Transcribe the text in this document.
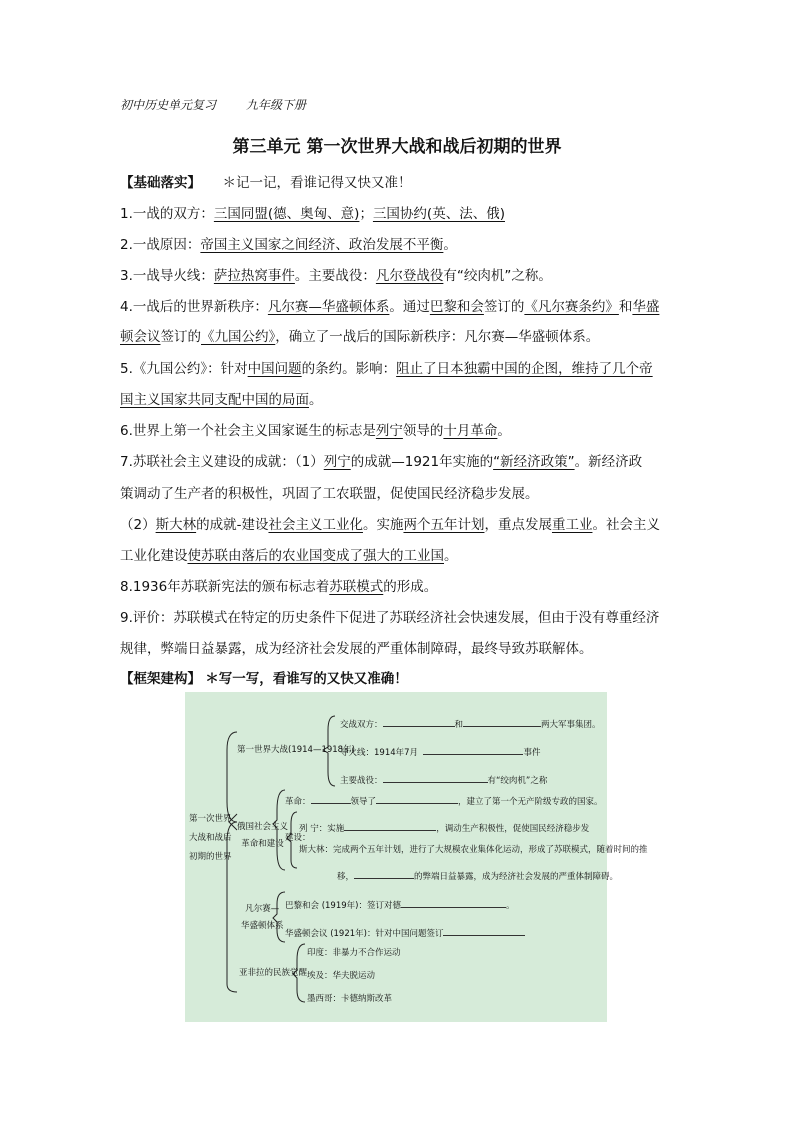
初中历史单元复习 九年级下册
第三单元 第一次世界大战和战后初期的世界
【基础落实】 ＊记一记，看谁记得又快又准！
1.一战的双方：三国同盟(德、奥匈、意)；三国协约(英、法、俄)
2.一战原因：帝国主义国家之间经济、政治发展不平衡。
3.一战导火线：萨拉热窝事件。主要战役：凡尔登战役有“绞肉机”之称。
4.一战后的世界新秩序：凡尔赛—华盛顿体系。通过巴黎和会签订的《凡尔赛条约》和华盛
顿会议签订的《九国公约》，确立了一战后的国际新秩序：凡尔赛—华盛顿体系。
5.《九国公约》：针对中国问题的条约。影响：阻止了日本独霸中国的企图，维持了几个帝
国主义国家共同支配中国的局面。
6.世界上第一个社会主义国家诞生的标志是列宁领导的十月革命。
7.苏联社会主义建设的成就：（1）列宁的成就—1921年实施的“新经济政策”。新经济政
策调动了生产者的积极性，巩固了工农联盟，促使国民经济稳步发展。
（2）斯大林的成就-建设社会主义工业化。实施两个五年计划，重点发展重工业。社会主义
工业化建设使苏联由落后的农业国变成了强大的工业国。
8.1936年苏联新宪法的颁布标志着苏联模式的形成。
9.评价：苏联模式在特定的历史条件下促进了苏联经济社会快速发展，但由于没有尊重经济
规律，弊端日益暴露，成为经济社会发展的严重体制障碍，最终导致苏联解体。
【框架建构】 ＊写一写，看谁写的又快又准确！
第一次世界
大战和战后
初期的世界
第一世界大战(1914—1918年)
交战双方：	和	两大军事集团。
导火线：1914年7月	事件
主要战役：	有“绞肉机”之称
俄国社会主义
革命和建设
革命：	领导了	，建立了第一个无产阶级专政的国家。
建设：
列 宁：实施	，调动生产积极性，促使国民经济稳步发
斯大林：完成两个五年计划，进行了大规模农业集体化运动，形成了苏联模式，随着时间的推
移，	的弊端日益暴露，成为经济社会发展的严重体制障碍。
凡尔赛—
华盛顿体系
巴黎和会 (1919年)：签订对德	。
华盛顿会议 (1921年)：针对中国问题签订
亚非拉的民族觉醒
印度：非暴力不合作运动
埃及：华夫脱运动
墨西哥：卡德纳斯改革
